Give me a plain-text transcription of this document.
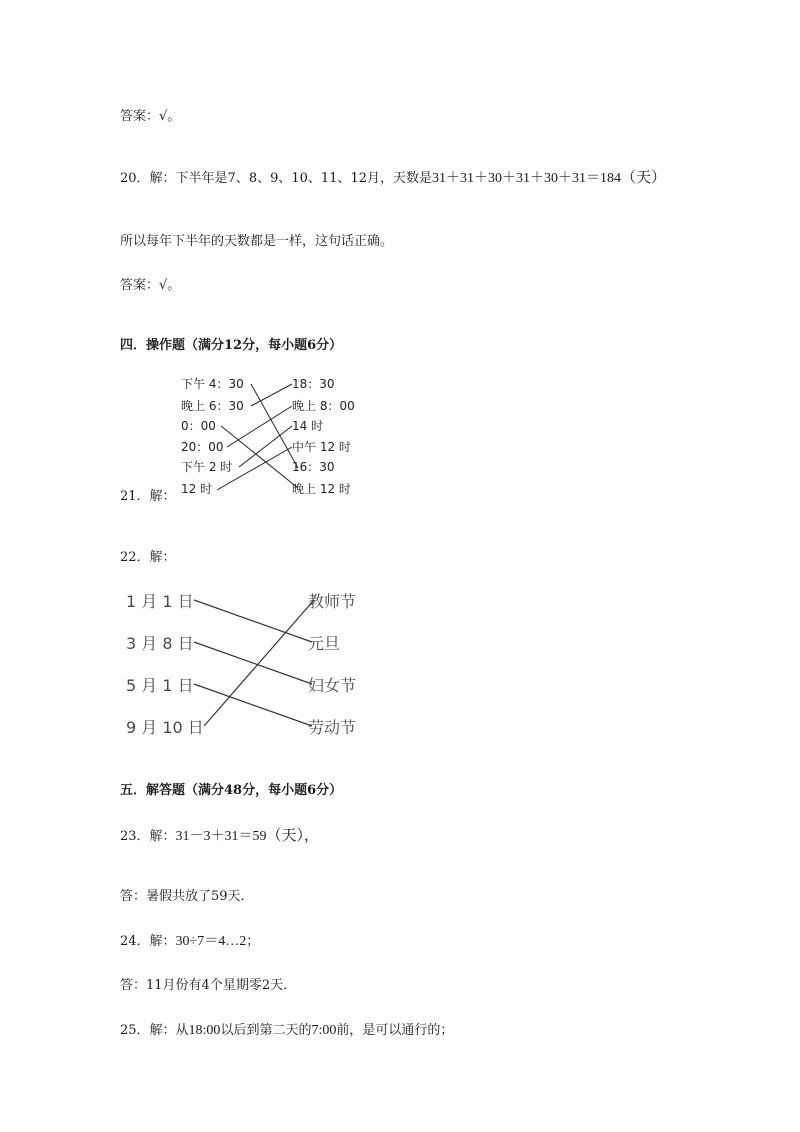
答案：√。
20．解：下半年是7、8、9、10、11、12月，天数是31＋31＋30＋31＋30＋31＝184（天）
所以每年下半年的天数都是一样，这句话正确。
答案：√。
四．操作题（满分12分，每小题6分）
21．解：
下午 4：30
晚上 6：30
0：00
20：00
下午 2 时
12 时
18：30
晚上 8：00
14 时
中午 12 时
16：30
晚上 12 时
22．解：
1 月 1 日
3 月 8 日
5 月 1 日
9 月 10 日
教师节
元旦
妇女节
劳动节
五．解答题（满分48分，每小题6分）
23．解：31－3＋31＝59（天），
答：暑假共放了59天．
24．解：30÷7＝4…2；
答：11月份有4个星期零2天．
25．解：从18:00以后到第二天的7:00前，是可以通行的；
